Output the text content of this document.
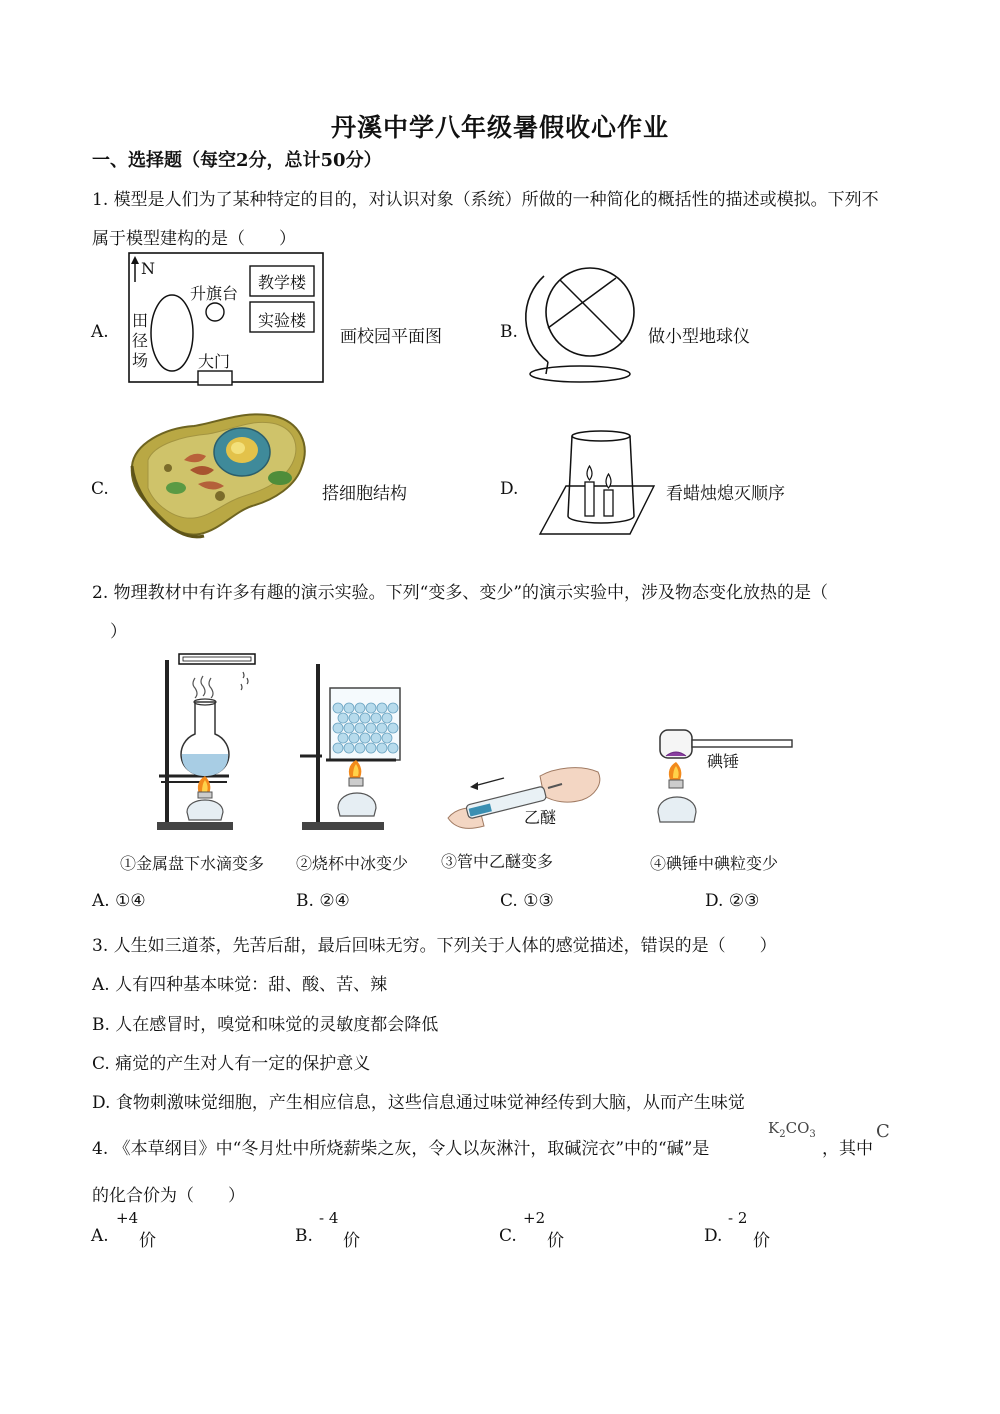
丹溪中学八年级暑假收心作业
一、选择题（每空2分，总计50分）
1. 模型是人们为了某种特定的目的，对认识对象（系统）所做的一种简化的概括性的描述或模拟。下列不
属于模型建构的是（　　）
A.
N
升旗台
教学楼
实验楼
田
径
场	大门
画校园平面图	B.	做小型地球仪
C.	搭细胞结构	D.	看蜡烛熄灭顺序
2. 物理教材中有许多有趣的演示实验。下列“变多、变少”的演示实验中，涉及物态变化放热的是（
）
乙醚
碘锤
①金属盘下水滴变多 ②烧杯中冰变少 ③管中乙醚变多	④碘锤中碘粒变少
A. ①④	B. ②④	C. ①③	D. ②③
3. 人生如三道茶，先苦后甜，最后回味无穷。下列关于人体的感觉描述，错误的是（　　）
A. 人有四种基本味觉：甜、酸、苦、辣
B. 人在感冒时，嗅觉和味觉的灵敏度都会降低
C. 痛觉的产生对人有一定的保护意义
D. 食物刺激味觉细胞，产生相应信息，这些信息通过味觉神经传到大脑，从而产生味觉
4. 《本草纲目》中“冬月灶中所烧薪柴之灰，令人以灰淋汁，取碱浣衣”中的“碱”是
$K_2CO_3$
，其中
C
的化合价为（　　）
A.
+4
价	B.
- 4
价	C.
+2
价	D.
- 2
价
